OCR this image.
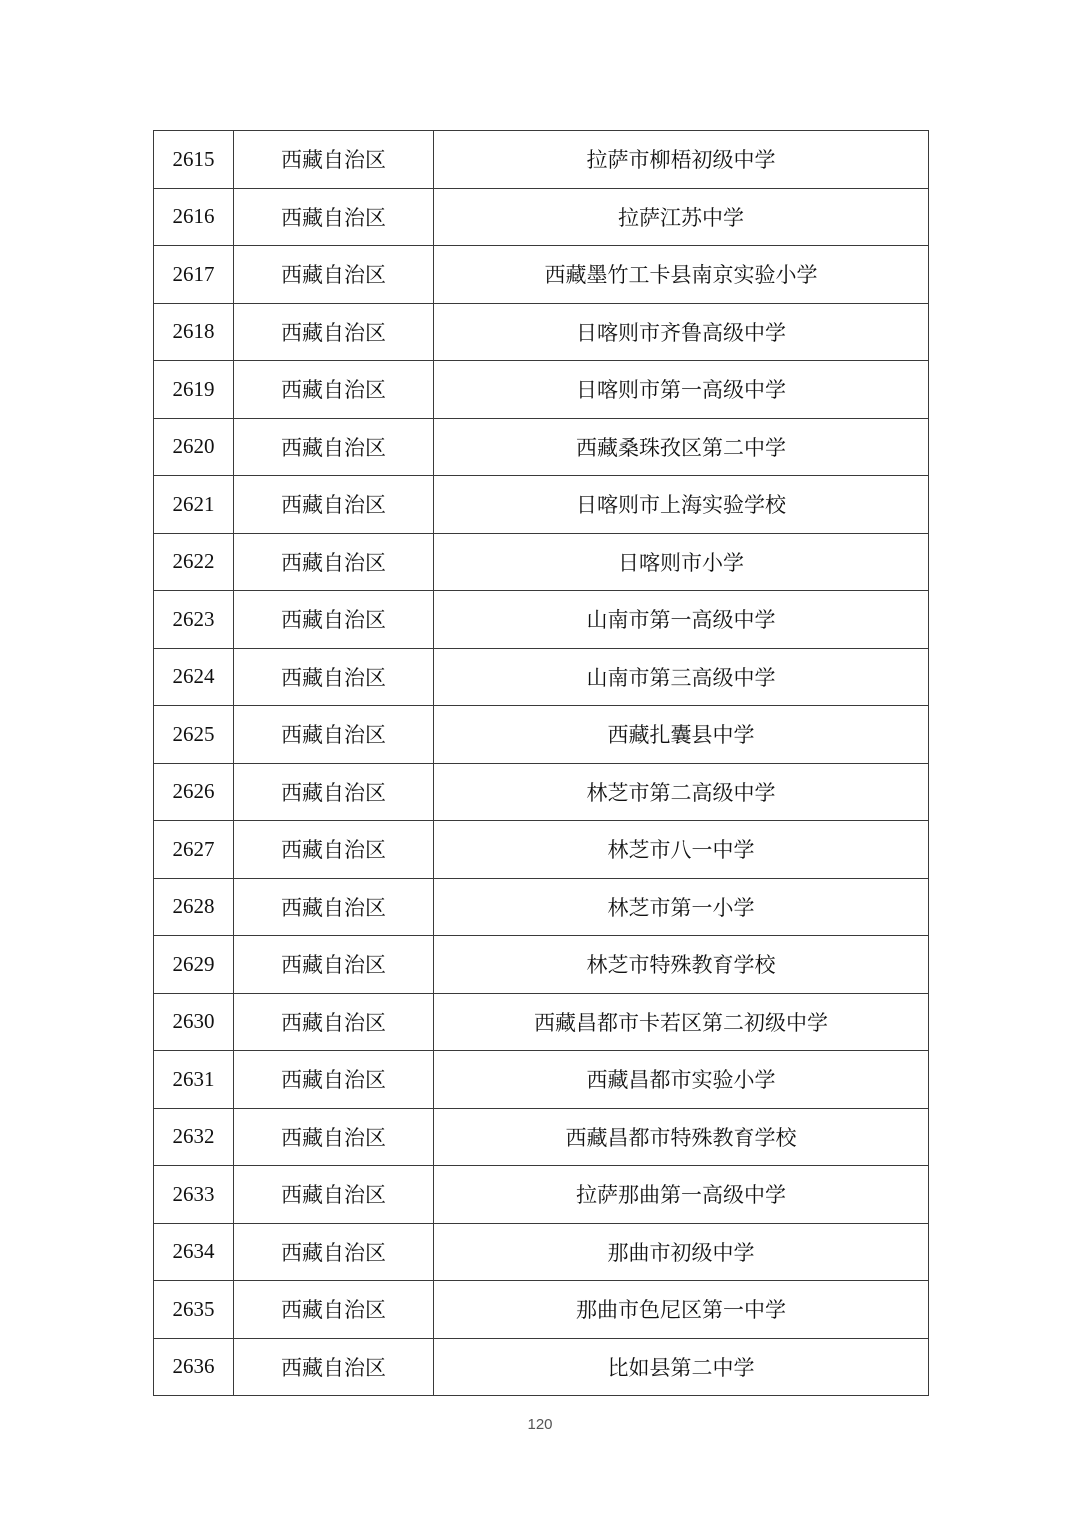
2615	西藏自治区	拉萨市柳梧初级中学
2616	西藏自治区	拉萨江苏中学
2617	西藏自治区	西藏墨竹工卡县南京实验小学
2618	西藏自治区	日喀则市齐鲁高级中学
2619	西藏自治区	日喀则市第一高级中学
2620	西藏自治区	西藏桑珠孜区第二中学
2621	西藏自治区	日喀则市上海实验学校
2622	西藏自治区	日喀则市小学
2623	西藏自治区	山南市第一高级中学
2624	西藏自治区	山南市第三高级中学
2625	西藏自治区	西藏扎囊县中学
2626	西藏自治区	林芝市第二高级中学
2627	西藏自治区	林芝市八一中学
2628	西藏自治区	林芝市第一小学
2629	西藏自治区	林芝市特殊教育学校
2630	西藏自治区	西藏昌都市卡若区第二初级中学
2631	西藏自治区	西藏昌都市实验小学
2632	西藏自治区	西藏昌都市特殊教育学校
2633	西藏自治区	拉萨那曲第一高级中学
2634	西藏自治区	那曲市初级中学
2635	西藏自治区	那曲市色尼区第一中学
2636	西藏自治区	比如县第二中学
120
